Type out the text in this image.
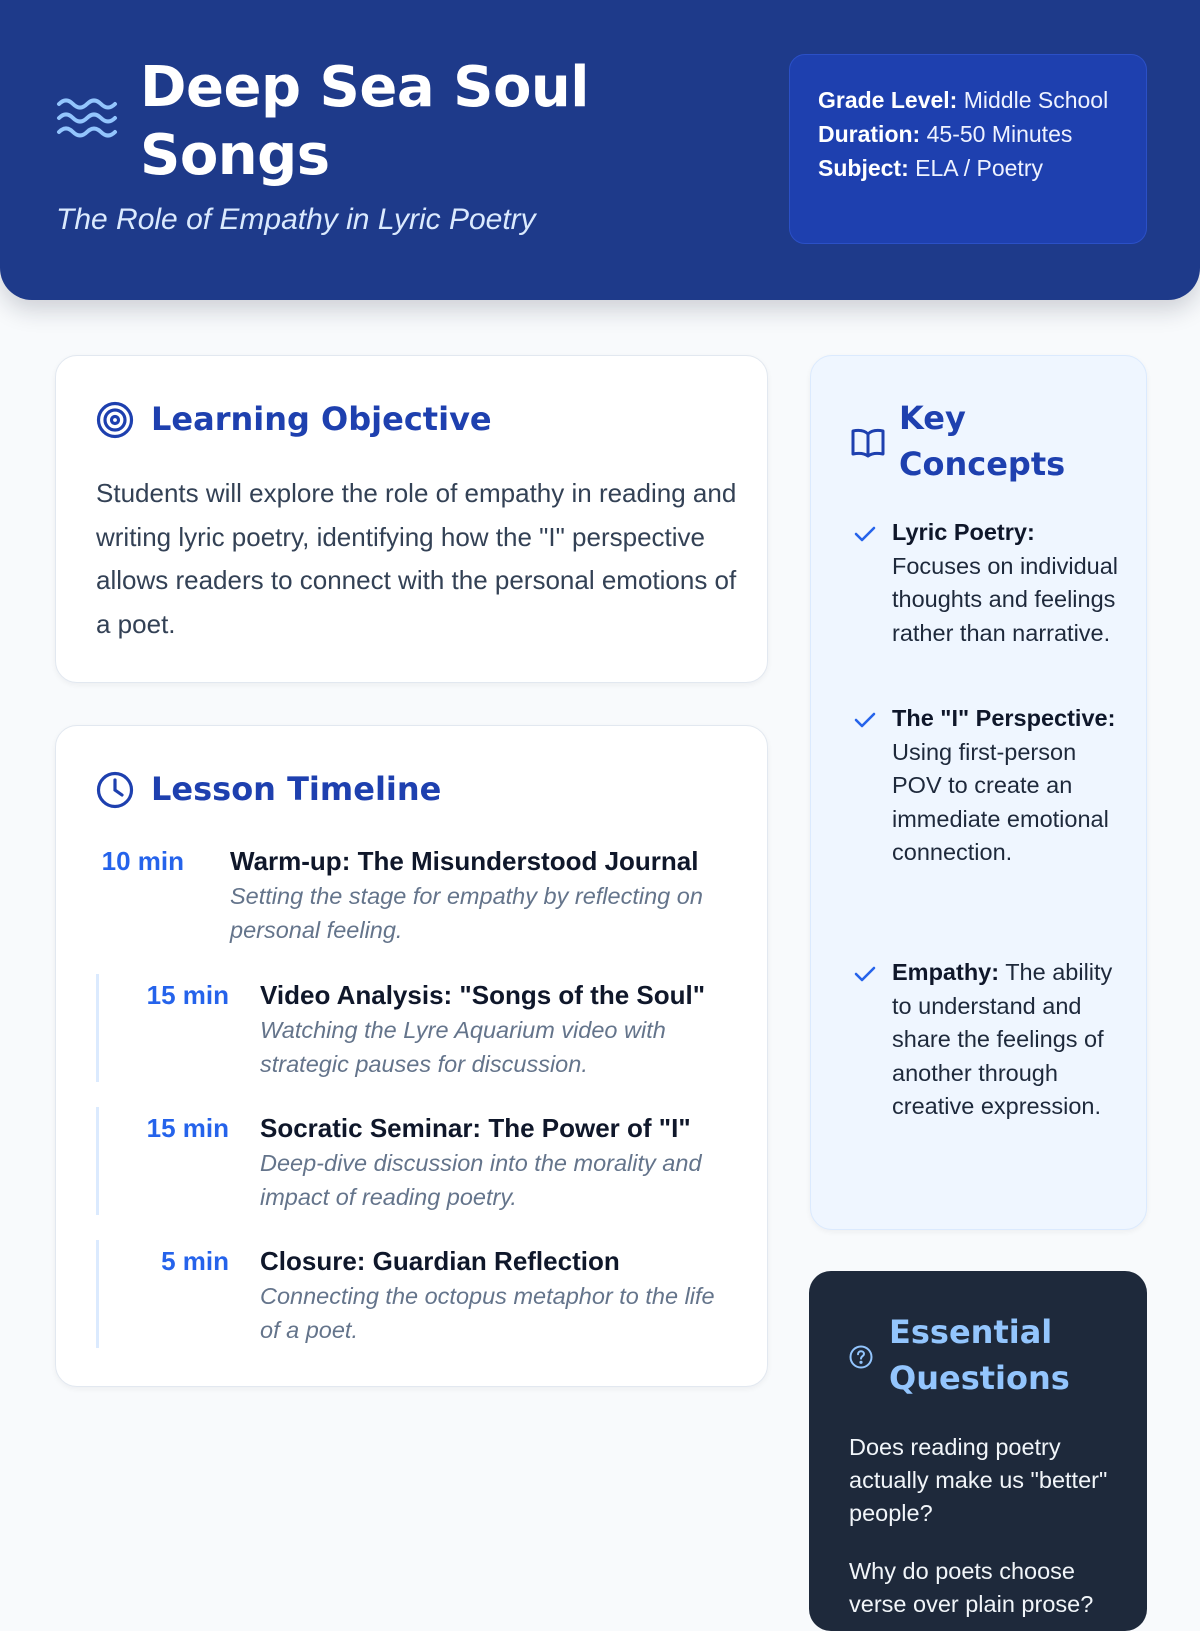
Deep Sea Soul Songs
The Role of Empathy in Lyric Poetry
Grade Level: Middle School
Duration: 45-50 Minutes
Subject: ELA / Poetry
Learning Objective
Students will explore the role of empathy in reading and writing lyric poetry, identifying how the "I" perspective allows readers to connect with the personal emotions of a poet.
Lesson Timeline
10 min Warm-up: The Misunderstood Journal
Setting the stage for empathy by reflecting on personal feeling.
15 min Video Analysis: "Songs of the Soul"
Watching the Lyre Aquarium video with strategic pauses for discussion.
15 min Socratic Seminar: The Power of "I"
Deep-dive discussion into the morality and impact of reading poetry.
5 min Closure: Guardian Reflection
Connecting the octopus metaphor to the life of a poet.
Key
Concepts
Lyric Poetry: Focuses on individual thoughts and feelings rather than narrative.
The "I" Perspective: Using first-person POV to create an immediate emotional connection.
Empathy: The ability to understand and share the feelings of another through creative expression.
Essential
Questions
Does reading poetry actually make us "better" people?
Why do poets choose verse over plain prose?
